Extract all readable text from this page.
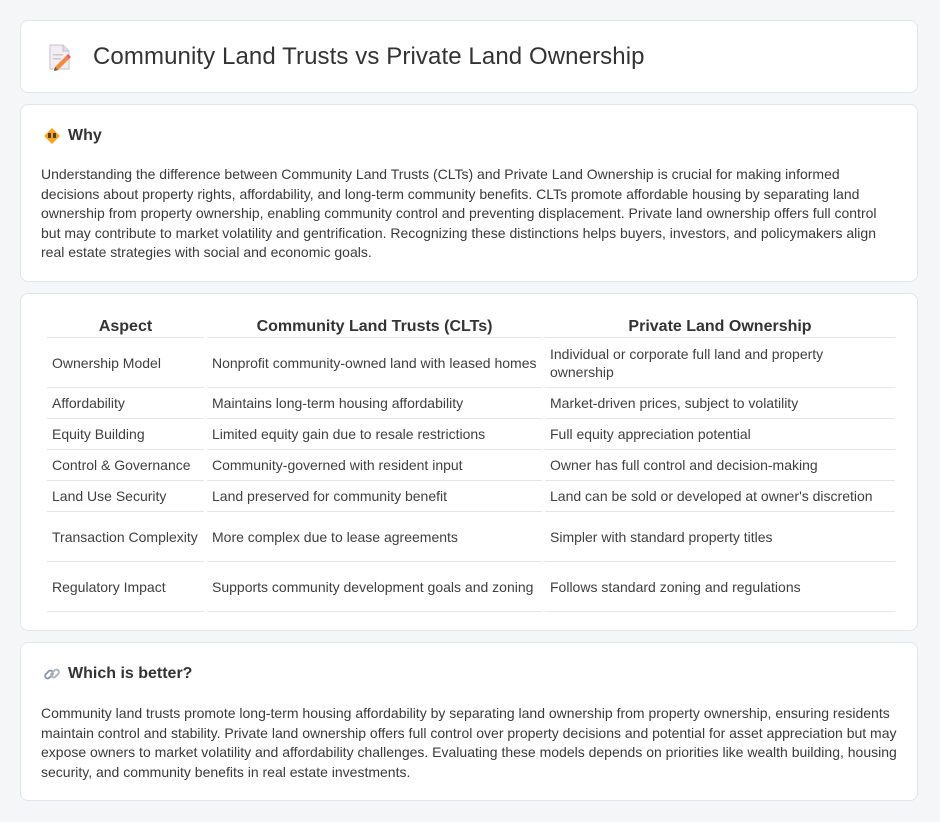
Community Land Trusts vs Private Land Ownership
Why

Understanding the difference between Community Land Trusts (CLTs) and Private Land Ownership is crucial for making informed decisions about property rights, affordability, and long-term community benefits. CLTs promote affordable housing by separating land ownership from property ownership, enabling community control and preventing displacement. Private land ownership offers full control but may contribute to market volatility and gentrification. Recognizing these distinctions helps buyers, investors, and policymakers align real estate strategies with social and economic goals.

Aspect	Community Land Trusts (CLTs)	Private Land Ownership
Ownership Model	Nonprofit community-owned land with leased homes	Individual or corporate full land and property ownership
Affordability	Maintains long-term housing affordability	Market-driven prices, subject to volatility
Equity Building	Limited equity gain due to resale restrictions	Full equity appreciation potential
Control & Governance	Community-governed with resident input	Owner has full control and decision-making
Land Use Security	Land preserved for community benefit	Land can be sold or developed at owner's discretion
Transaction Complexity	More complex due to lease agreements	Simpler with standard property titles
Regulatory Impact	Supports community development goals and zoning	Follows standard zoning and regulations
Which is better?

Community land trusts promote long-term housing affordability by separating land ownership from property ownership, ensuring residents maintain control and stability. Private land ownership offers full control over property decisions and potential for asset appreciation but may expose owners to market volatility and affordability challenges. Evaluating these models depends on priorities like wealth building, housing security, and community benefits in real estate investments.
